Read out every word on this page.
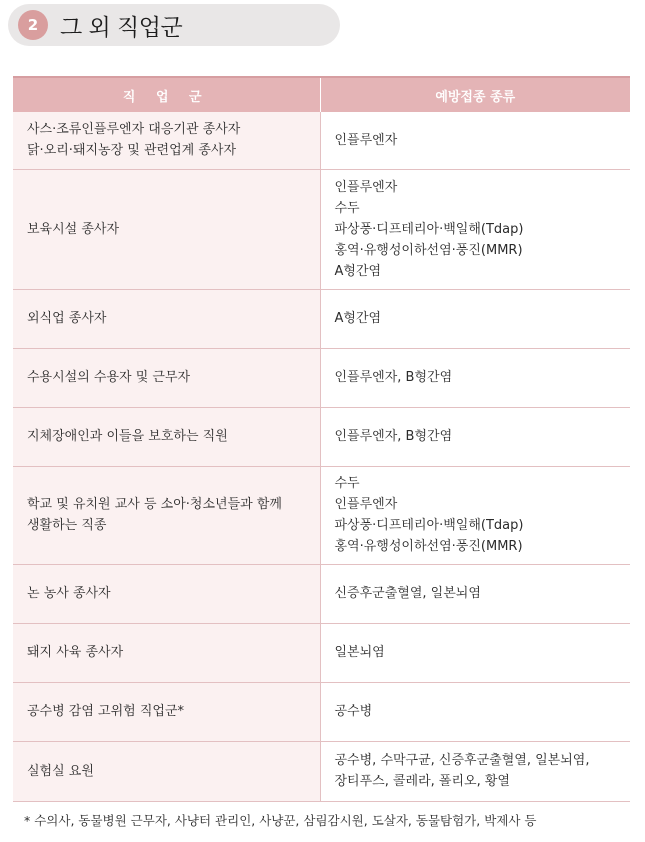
2 그 외 직업군
직 업 군	예방접종 종류

사스·조류인플루엔자 대응기관 종사자
닭·오리·돼지농장 및 관련업계 종사자	인플루엔자

보육시설 종사자	인플루엔자
수두
파상풍·디프테리아·백일해(Tdap)
홍역·유행성이하선염·풍진(MMR)
A형간염

외식업 종사자	A형간염

수용시설의 수용자 및 근무자	인플루엔자, B형간염

지체장애인과 이들을 보호하는 직원	인플루엔자, B형간염

학교 및 유치원 교사 등 소아·청소년들과 함께
생활하는 직종	수두
인플루엔자
파상풍·디프테리아·백일해(Tdap)
홍역·유행성이하선염·풍진(MMR)

논 농사 종사자	신증후군출혈열, 일본뇌염

돼지 사육 종사자	일본뇌염

공수병 감염 고위험 직업군*	공수병

실험실 요원	공수병, 수막구균, 신증후군출혈열, 일본뇌염,
장티푸스, 콜레라, 폴리오, 황열
* 수의사, 동물병원 근무자, 사냥터 관리인, 사냥꾼, 삼림감시원, 도살자, 동물탐험가, 박제사 등
